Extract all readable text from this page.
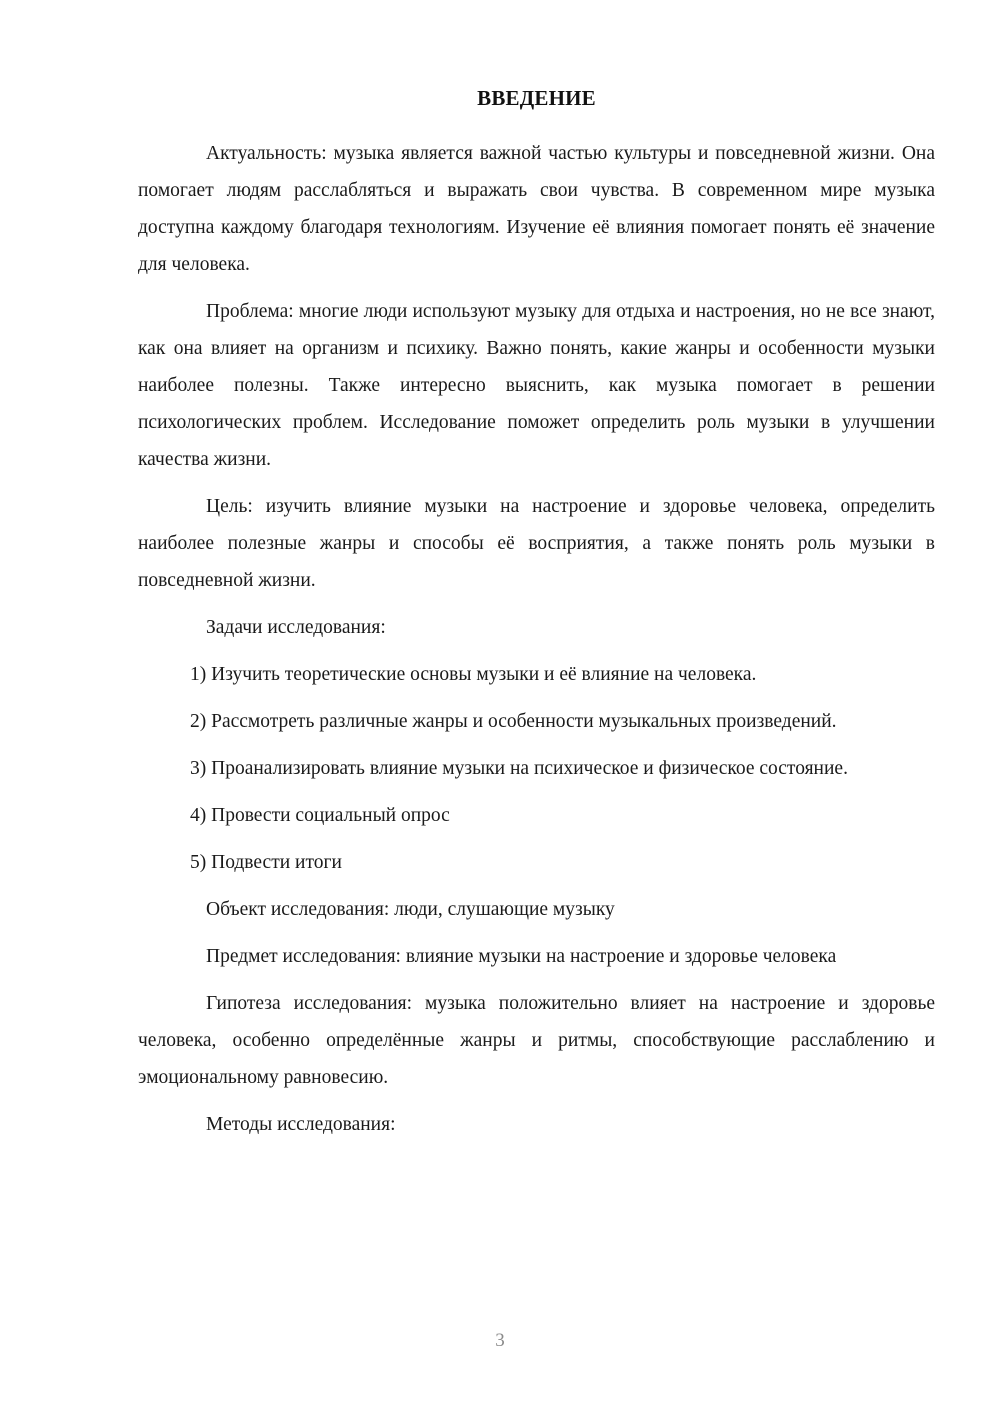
ВВЕДЕНИЕ

Актуальность: музыка является важной частью культуры и повседневной жизни. Она помогает людям расслабляться и выражать свои чувства. В современном мире музыка доступна каждому благодаря технологиям. Изучение её влияния помогает понять её значение для человека.

Проблема: многие люди используют музыку для отдыха и настроения, но не все знают, как она влияет на организм и психику. Важно понять, какие жанры и особенности музыки наиболее полезны. Также интересно выяснить, как музыка помогает в решении психологических проблем. Исследование поможет определить роль музыки в улучшении качества жизни.

Цель: изучить влияние музыки на настроение и здоровье человека, определить наиболее полезные жанры и способы её восприятия, а также понять роль музыки в повседневной жизни.

Задачи исследования:

1) Изучить теоретические основы музыки и её влияние на человека.

2) Рассмотреть различные жанры и особенности музыкальных произведений.

3) Проанализировать влияние музыки на психическое и физическое состояние.

4) Провести социальный опрос

5) Подвести итоги

Объект исследования: люди, слушающие музыку

Предмет исследования: влияние музыки на настроение и здоровье человека

Гипотеза исследования: музыка положительно влияет на настроение и здоровье человека, особенно определённые жанры и ритмы, способствующие расслаблению и эмоциональному равновесию.

Методы исследования:

3
